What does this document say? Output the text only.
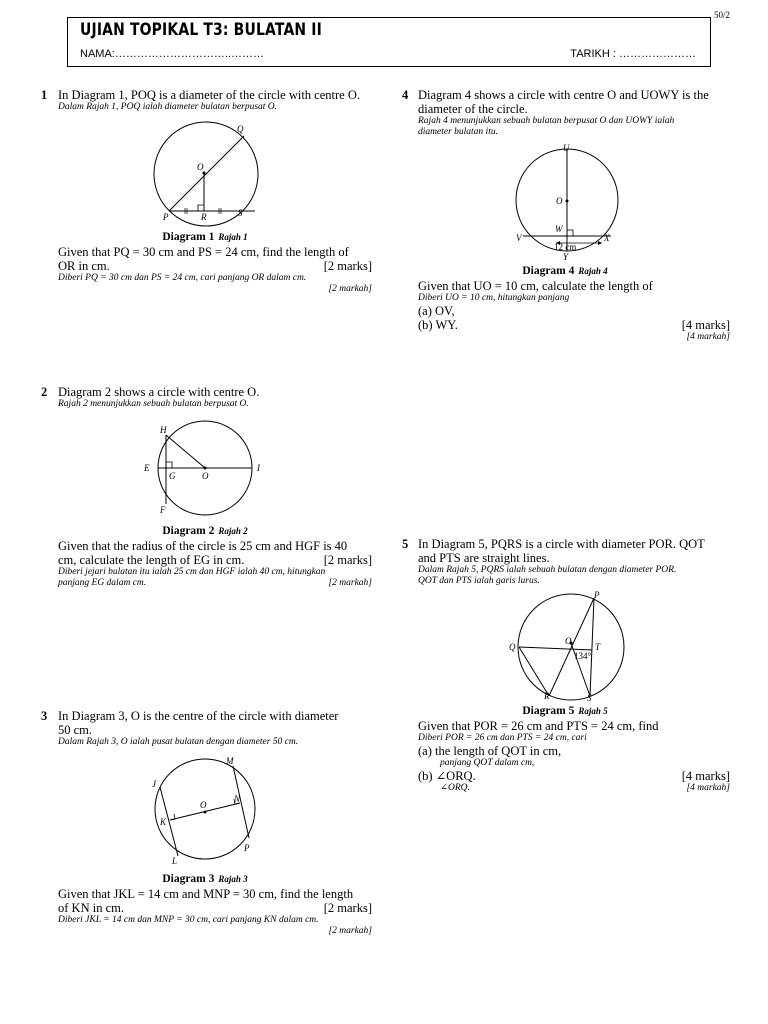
50/2
UJIAN TOPIKAL T3: BULATAN II
NAMA:…………………………..………	TARIKH : …………………
1 In Diagram 1, POQ is a diameter of the circle with centre O.
Dalam Rajah 1, POQ ialah diameter bulatan berpusat O.
Q
O
P	R	S
Diagram 1 Rajah 1
Given that PQ = 30 cm and PS = 24 cm, find the length of
OR in cm.	[2 marks]
Diberi PQ = 30 cm dan PS = 24 cm, cari panjang OR dalam cm.
[2 markah]
2 Diagram 2 shows a circle with centre O.
Rajah 2 menunjukkan sebuah bulatan berpusat O.
H
E
G	O
I
F
Diagram 2 Rajah 2
Given that the radius of the circle is 25 cm and HGF is 40
cm, calculate the length of EG in cm.	[2 marks]
Diberi jejari bulatan itu ialah 25 cm dan HGF ialah 40 cm, hitungkan
panjang EG dalam cm.	[2 markah]
3 In Diagram 3, O is the centre of the circle with diameter
50 cm.
Dalam Rajah 3, O ialah pusat bulatan dengan diameter 50 cm.
M
J
O
N
K
P
L
Diagram 3 Rajah 3
Given that JKL = 14 cm and MNP = 30 cm, find the length
of KN in cm.	[2 marks]
Diberi JKL = 14 cm dan MNP = 30 cm, cari panjang KN dalam cm.
[2 markah]
4 Diagram 4 shows a circle with centre O and UOWY is the
diameter of the circle.
Rajah 4 menunjukkan sebuah bulatan berpusat O dan UOWY ialah
diameter bulatan itu.
U
O
W
V	X
Y
12 cm
Diagram 4 Rajah 4
Given that UO = 10 cm, calculate the length of
Diberi UO = 10 cm, hitungkan panjang
(a) OV,
(b) WY.	[4 marks]
[4 markah]
5 In Diagram 5, PQRS is a circle with diameter POR. QOT
and PTS are straight lines.
Dalam Rajah 5, PQRS ialah sebuah bulatan dengan diameter POR.
QOT dan PTS ialah garis lurus.
P
Q
O
T
R	S
134°
Diagram 5 Rajah 5
Given that POR = 26 cm and PTS = 24 cm, find
Diberi POR = 26 cm dan PTS = 24 cm, cari
(a) the length of QOT in cm,
panjang QOT dalam cm,
(b) ∠ORQ.	[4 marks]
∠ORQ.	[4 markah]
